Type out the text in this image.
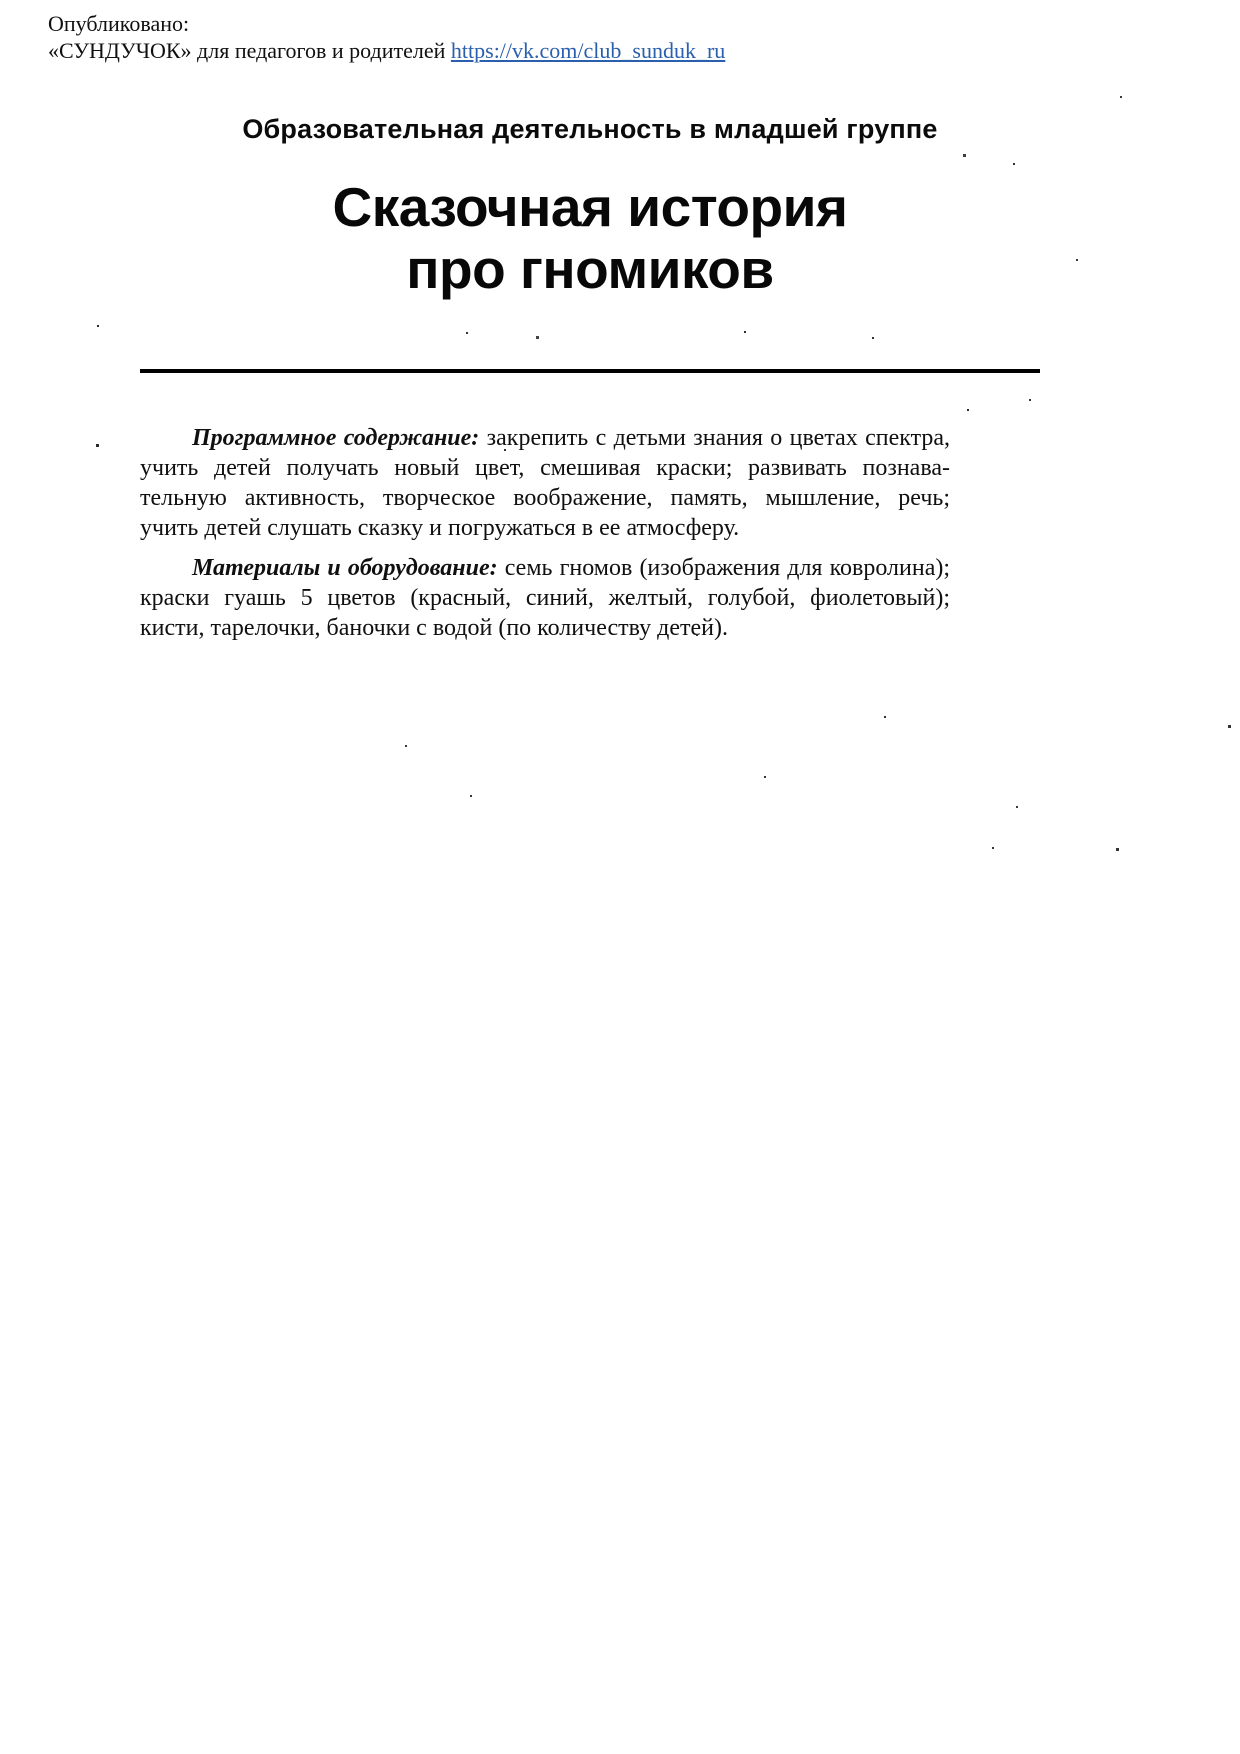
Опубликовано:
«СУНДУЧОК» для педагогов и родителей https://vk.com/club_sunduk_ru
Образовательная деятельность в младшей группе
Сказочная история
про гномиков

Программное содержание: закрепить с детьми знания о цветах спектра,
учить детей получать новый цвет, смешивая краски; развивать познава-
тельную активность, творческое воображение, память, мышление, речь;
учить детей слушать сказку и погружаться в ее атмосферу.

Материалы и оборудование: семь гномов (изображения для ковролина);
краски гуашь 5 цветов (красный, синий, желтый, голубой, фиолетовый);
кисти, тарелочки, баночки с водой (по количеству детей).
